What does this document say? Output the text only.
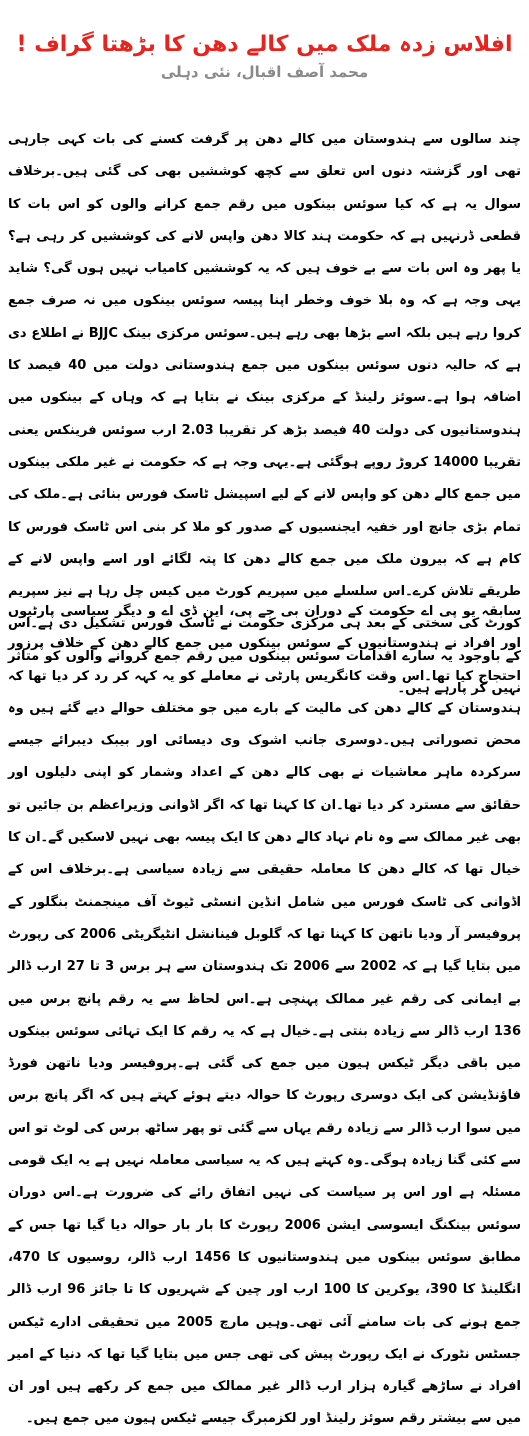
افلاس زدہ ملک میں کالے دھن کا بڑھتا گراف !
محمد آصف اقبال، نئی دہلی

چند سالوں سے ہندوستان میں کالے دھن پر گرفت کسنے کی بات کہی جارہی تھی اور گزشتہ دنوں اس تعلق سے کچھ کوششیں بھی کی گئی ہیں۔برخلاف سوال یہ ہے کہ کیا سوئس بینکوں میں رقم جمع کرانے والوں کو اس بات کا قطعی ڈرنہیں ہے کہ حکومت ہند کالا دھن واپس لانے کی کوششیں کر رہی ہے؟ یا پھر وہ اس بات سے بے خوف ہیں کہ یہ کوششیں کامیاب نہیں ہوں گی؟ شاید یہی وجہ ہے کہ وہ بلا خوف وخطر اپنا پیسہ سوئس بینکوں میں نہ صرف جمع کروا رہے ہیں بلکہ اسے بڑھا بھی رہے ہیں۔سوئس مرکزی بینک BJJC نے اطلاع دی ہے کہ حالیہ دنوں سوئس بینکوں میں جمع ہندوستانی دولت میں 40 فیصد کا اضافہ ہوا ہے۔سوئز رلینڈ کے مرکزی بینک نے بتایا ہے کہ وہاں کے بینکوں میں ہندوستانیوں کی دولت 40 فیصد بڑھ کر تقریبا 2.03 ارب سوئس فرینکس یعنی تقریبا 14000 کروڑ روپے ہوگئی ہے۔یہی وجہ ہے کہ حکومت نے غیر ملکی بینکوں میں جمع کالے دھن کو واپس لانے کے لیے اسپیشل ٹاسک فورس بنائی ہے۔ملک کی تمام بڑی جانچ اور خفیہ ایجنسیوں کے صدور کو ملا کر بنی اس ٹاسک فورس کا کام ہے کہ بیرون ملک میں جمع کالے دھن کا پتہ لگائے اور اسے واپس لانے کے طریقے تلاش کرے۔اس سلسلے میں سپریم کورٹ میں کیس چل رہا ہے نیز سپریم کورٹ کی سختی کے بعد ہی مرکزی حکومت نے ٹاسک فورس تشکیل دی ہے۔اس کے باوجود یہ سارے اقدامات سوئس بینکوں میں رقم جمع کروانے والوں کو متاثر نہیں کر پارہے ہیں۔

سابقہ یو پی اے حکومت کے دوران بی جے پی، این ڈی اے و دیگر سیاسی پارٹیوں اور افراد نے ہندوستانیوں کے سوئس بینکوں میں جمع کالے دھن کے خلاف پرزور احتجاج کیا تھا۔اس وقت کانگریس پارٹی نے معاملے کو یہ کہہ کر رد کر دیا تھا کہ ہندوستان کے کالے دھن کی مالیت کے بارے میں جو مختلف حوالے دیے گئے ہیں وہ محض تصوراتی ہیں۔دوسری جانب اشوک وی دیسائی اور بیبک دیبرائے جیسے سرکردہ ماہر معاشیات نے بھی کالے دھن کے اعداد وشمار کو اپنی دلیلوں اور حقائق سے مسترد کر دیا تھا۔ان کا کہنا تھا کہ اگر اڈوانی وزیراعظم بن جائیں تو بھی غیر ممالک سے وہ نام نہاد کالے دھن کا ایک پیسہ بھی نہیں لاسکیں گے۔ان کا خیال تھا کہ کالے دھن کا معاملہ حقیقی سے زیادہ سیاسی ہے۔برخلاف اس کے اڈوانی کی ٹاسک فورس میں شامل انڈین انسٹی ٹیوٹ آف مینجمنٹ بنگلور کے پروفیسر آر ودیا ناتھن کا کہنا تھا کہ گلوبل فینانشل انٹیگریٹی 2006 کی رپورٹ میں بتایا گیا ہے کہ 2002 سے 2006 تک ہندوستان سے ہر برس 3 تا 27 ارب ڈالر بے ایمانی کی رقم غیر ممالک پہنچی ہے۔اس لحاظ سے یہ رقم پانچ برس میں 136 ارب ڈالر سے زیادہ بنتی ہے۔خیال ہے کہ یہ رقم کا ایک تہائی سوئس بینکوں میں باقی دیگر ٹیکس ہیون میں جمع کی گئی ہے۔پروفیسر ودیا ناتھن فورڈ فاؤنڈیشن کی ایک دوسری رپورٹ کا حوالہ دیتے ہوئے کہتے ہیں کہ اگر پانچ برس میں سوا ارب ڈالر سے زیادہ رقم یہاں سے گئی تو پھر ساٹھ برس کی لوٹ تو اس سے کئی گنا زیادہ ہوگی۔وہ کہتے ہیں کہ یہ سیاسی معاملہ نہیں ہے یہ ایک قومی مسئلہ ہے اور اس پر سیاست کی نہیں اتفاق رائے کی ضرورت ہے۔اس دوران سوئس بینکنگ ایسوسی ایشن 2006 رپورٹ کا بار بار حوالہ دیا گیا تھا جس کے مطابق سوئس بینکوں میں ہندوستانیوں کا 1456 ارب ڈالر، روسیوں کا 470، انگلینڈ کا 390، یوکرین کا 100 ارب اور چین کے شہریوں کا تا جائز 96 ارب ڈالر جمع ہونے کی بات سامنے آئی تھی۔وہیں مارچ 2005 میں تحقیقی ادارے ٹیکس جسٹس نٹورک نے ایک رپورٹ پیش کی تھی جس میں بتایا گیا تھا کہ دنیا کے امیر افراد نے ساڑھے گیارہ ہزار ارب ڈالر غیر ممالک میں جمع کر رکھے ہیں اور ان میں سے بیشتر رقم سوئز رلینڈ اور لکزمبرگ جیسے ٹیکس ہیون میں جمع ہیں۔
